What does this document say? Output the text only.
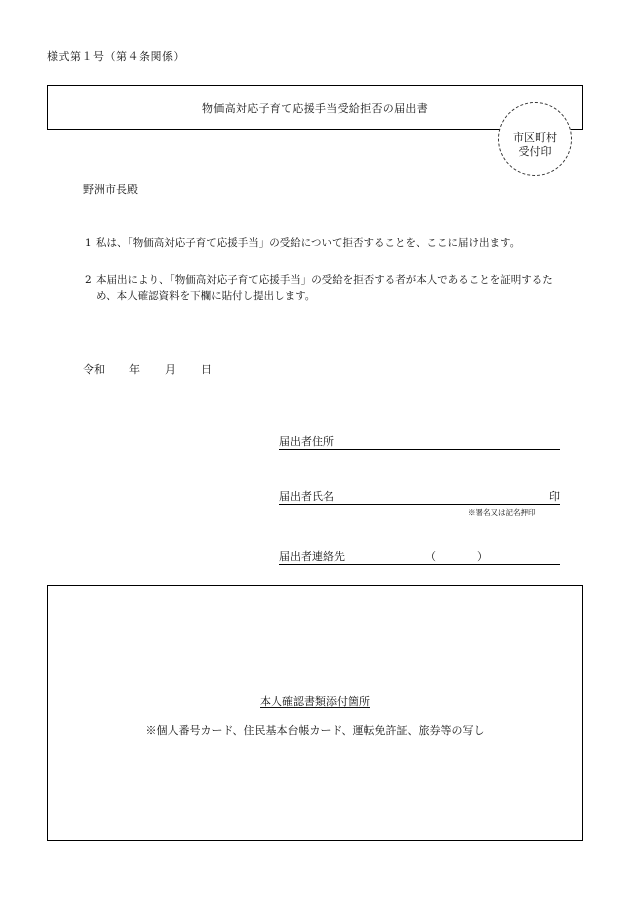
様式第１号（第４条関係）
物価高対応子育て応援手当受給拒否の届出書
市区町村
受付印
野洲市長殿
1 私は、「物価高対応子育て応援手当」の受給について拒否することを、ここに届け出ます。
2 本届出により、「物価高対応子育て応援手当」の受給を拒否する者が本人であることを証明するため、本人確認資料を下欄に貼付し提出します。
令和 年 月 日
届出者住所
届出者氏名	印
※署名又は記名押印
届出者連絡先	（	）
本人確認書類添付箇所
※個人番号カード、住民基本台帳カード、運転免許証、旅券等の写し
